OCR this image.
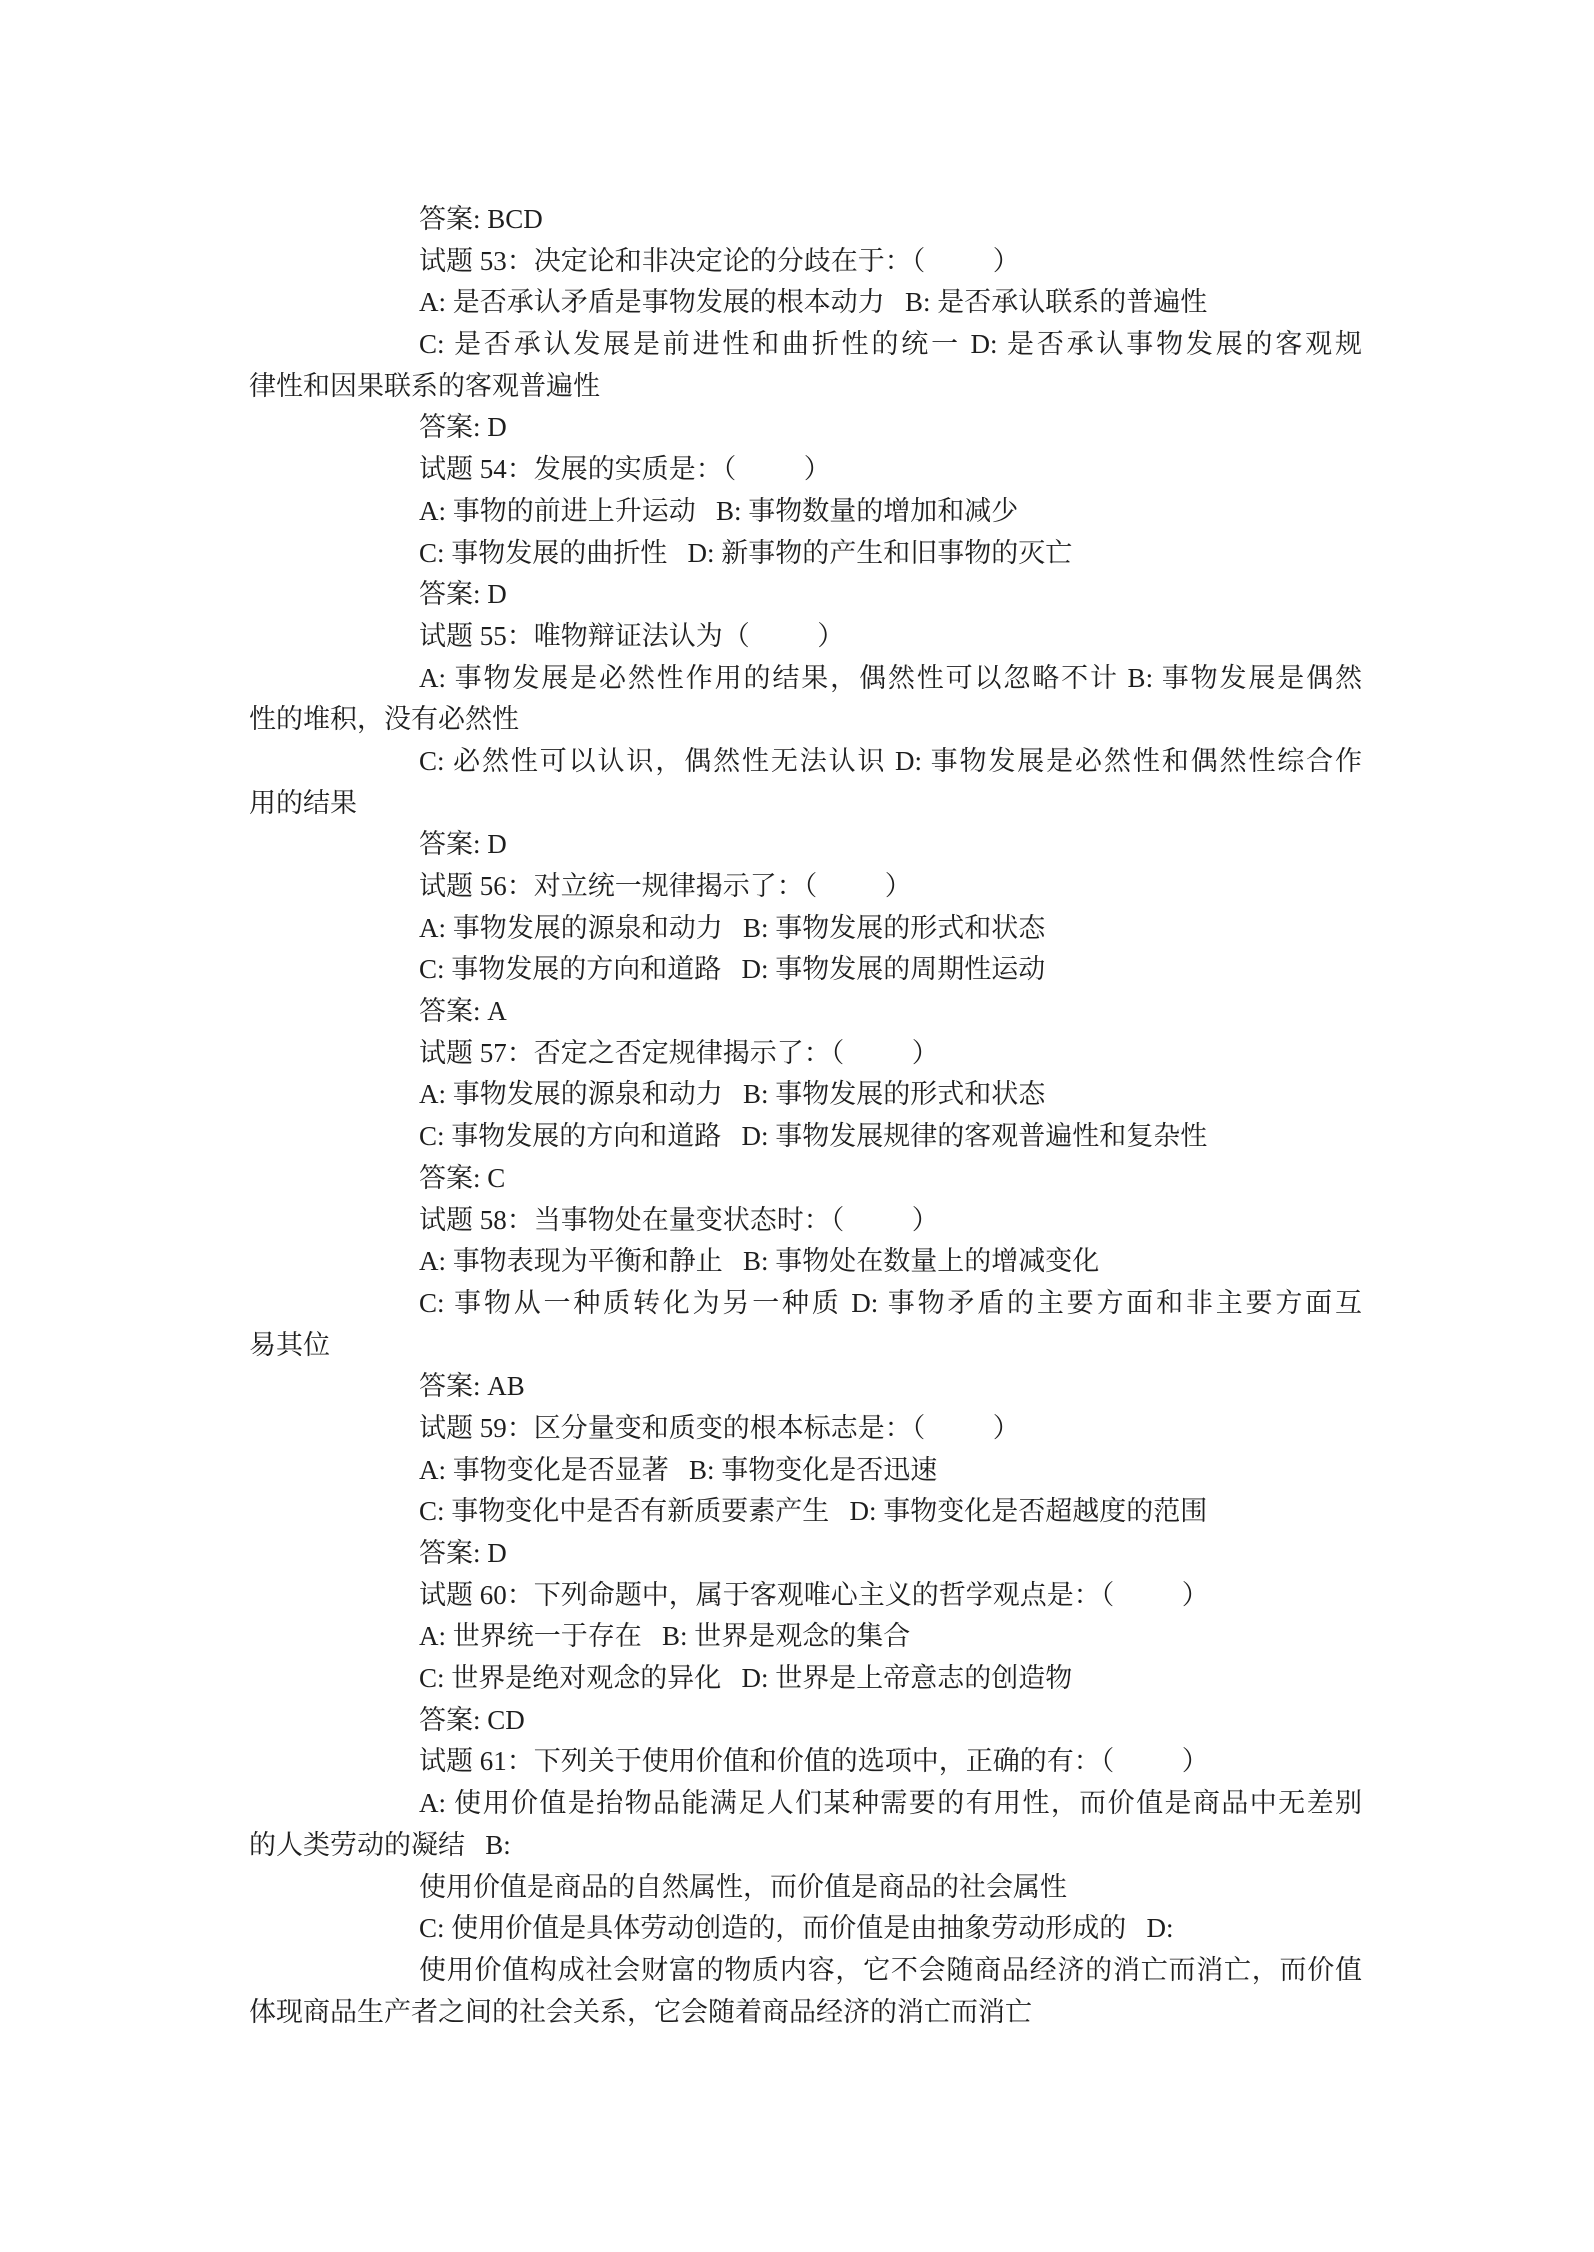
答案: BCD
试题 53：决定论和非决定论的分歧在于：（          ）
A: 是否承认矛盾是事物发展的根本动力   B: 是否承认联系的普遍性
C: 是否承认发展是前进性和曲折性的统一 D: 是否承认事物发展的客观规
律性和因果联系的客观普遍性
答案: D
试题 54：发展的实质是：（          ）
A: 事物的前进上升运动   B: 事物数量的增加和减少
C: 事物发展的曲折性   D: 新事物的产生和旧事物的灭亡
答案: D
试题 55：唯物辩证法认为（          ）
A: 事物发展是必然性作用的结果，偶然性可以忽略不计 B: 事物发展是偶然
性的堆积，没有必然性
C: 必然性可以认识，偶然性无法认识 D: 事物发展是必然性和偶然性综合作
用的结果
答案: D
试题 56：对立统一规律揭示了：（          ）
A: 事物发展的源泉和动力   B: 事物发展的形式和状态
C: 事物发展的方向和道路   D: 事物发展的周期性运动
答案: A
试题 57：否定之否定规律揭示了：（          ）
A: 事物发展的源泉和动力   B: 事物发展的形式和状态
C: 事物发展的方向和道路   D: 事物发展规律的客观普遍性和复杂性
答案: C
试题 58：当事物处在量变状态时：（          ）
A: 事物表现为平衡和静止   B: 事物处在数量上的增减变化
C: 事物从一种质转化为另一种质 D: 事物矛盾的主要方面和非主要方面互
易其位
答案: AB
试题 59：区分量变和质变的根本标志是：（          ）
A: 事物变化是否显著   B: 事物变化是否迅速
C: 事物变化中是否有新质要素产生   D: 事物变化是否超越度的范围
答案: D
试题 60：下列命题中，属于客观唯心主义的哲学观点是：（          ）
A: 世界统一于存在   B: 世界是观念的集合
C: 世界是绝对观念的异化   D: 世界是上帝意志的创造物
答案: CD
试题 61：下列关于使用价值和价值的选项中，正确的有：（          ）
A: 使用价值是抬物品能满足人们某种需要的有用性，而价值是商品中无差别
的人类劳动的凝结   B:
使用价值是商品的自然属性，而价值是商品的社会属性
C: 使用价值是具体劳动创造的，而价值是由抽象劳动形成的   D:
使用价值构成社会财富的物质内容，它不会随商品经济的消亡而消亡，而价值
体现商品生产者之间的社会关系，它会随着商品经济的消亡而消亡
